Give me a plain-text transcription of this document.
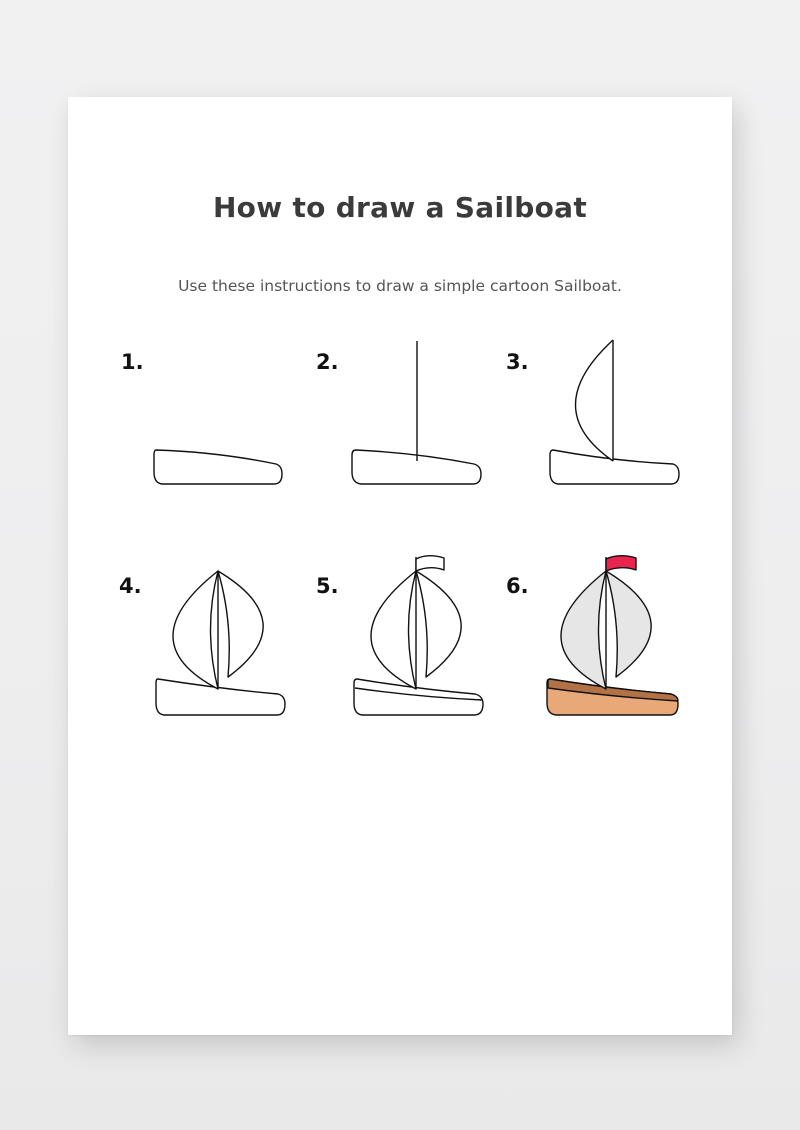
How to draw a Sailboat
Use these instructions to draw a simple cartoon Sailboat.
1.	2.	3.
4.	5.	6.
